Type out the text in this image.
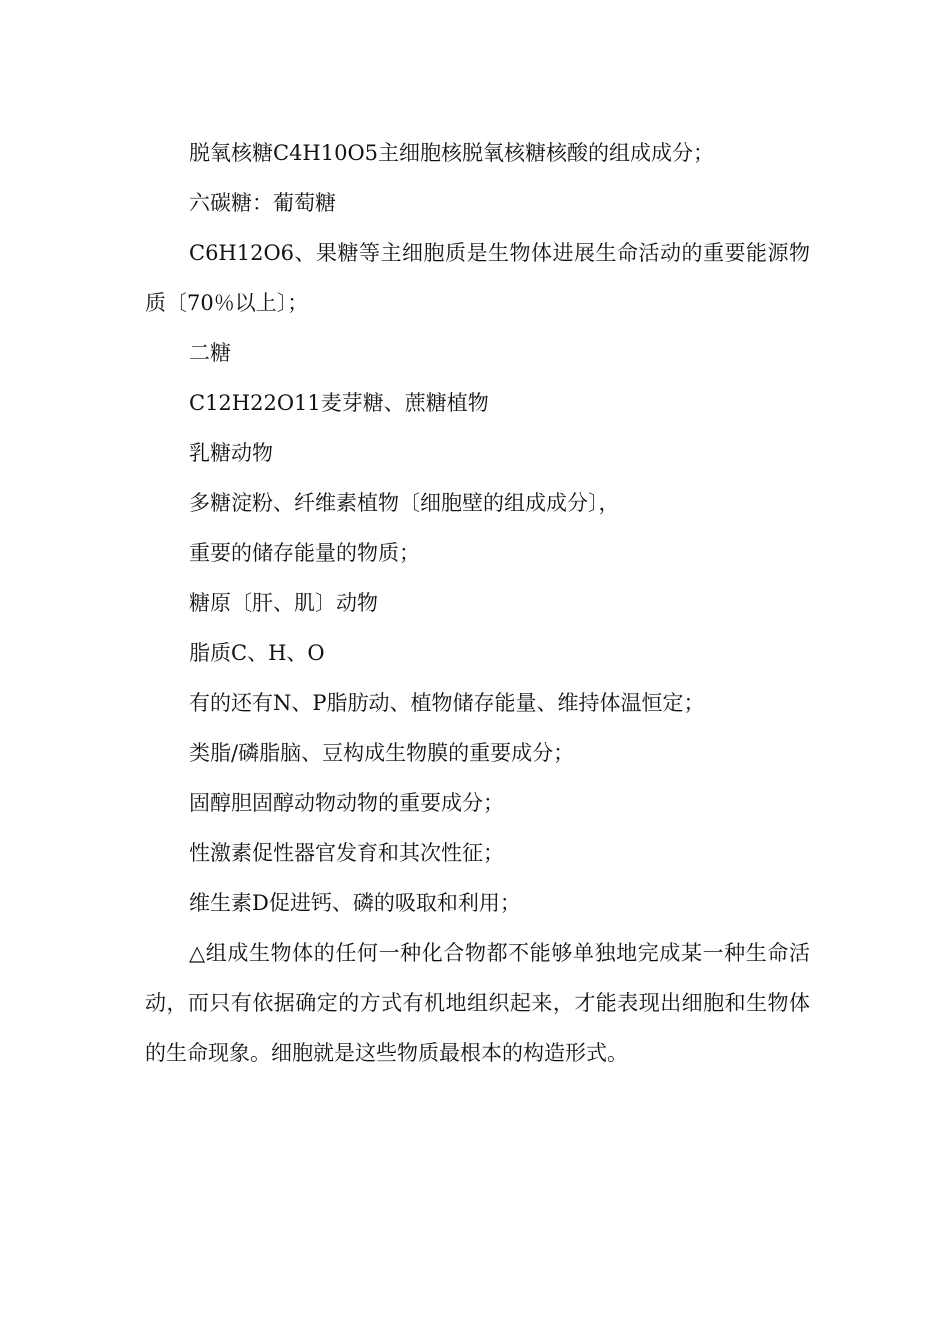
脱氧核糖C4H10O5主细胞核脱氧核糖核酸的组成成分；

六碳糖：葡萄糖

C6H12O6、果糖等主细胞质是生物体进展生命活动的重要能源物质〔70％以上〕；

二糖

C12H22O11麦芽糖、蔗糖植物

乳糖动物

多糖淀粉、纤维素植物〔细胞壁的组成成分〕，

重要的储存能量的物质；

糖原〔肝、肌〕动物

脂质C、H、O

有的还有N、P脂肪动、植物储存能量、维持体温恒定；

类脂/磷脂脑、豆构成生物膜的重要成分；

固醇胆固醇动物动物的重要成分；

性激素促性器官发育和其次性征；

维生素D促进钙、磷的吸取和利用；

△组成生物体的任何一种化合物都不能够单独地完成某一种生命活动，而只有依据确定的方式有机地组织起来，才能表现出细胞和生物体的生命现象。细胞就是这些物质最根本的构造形式。
